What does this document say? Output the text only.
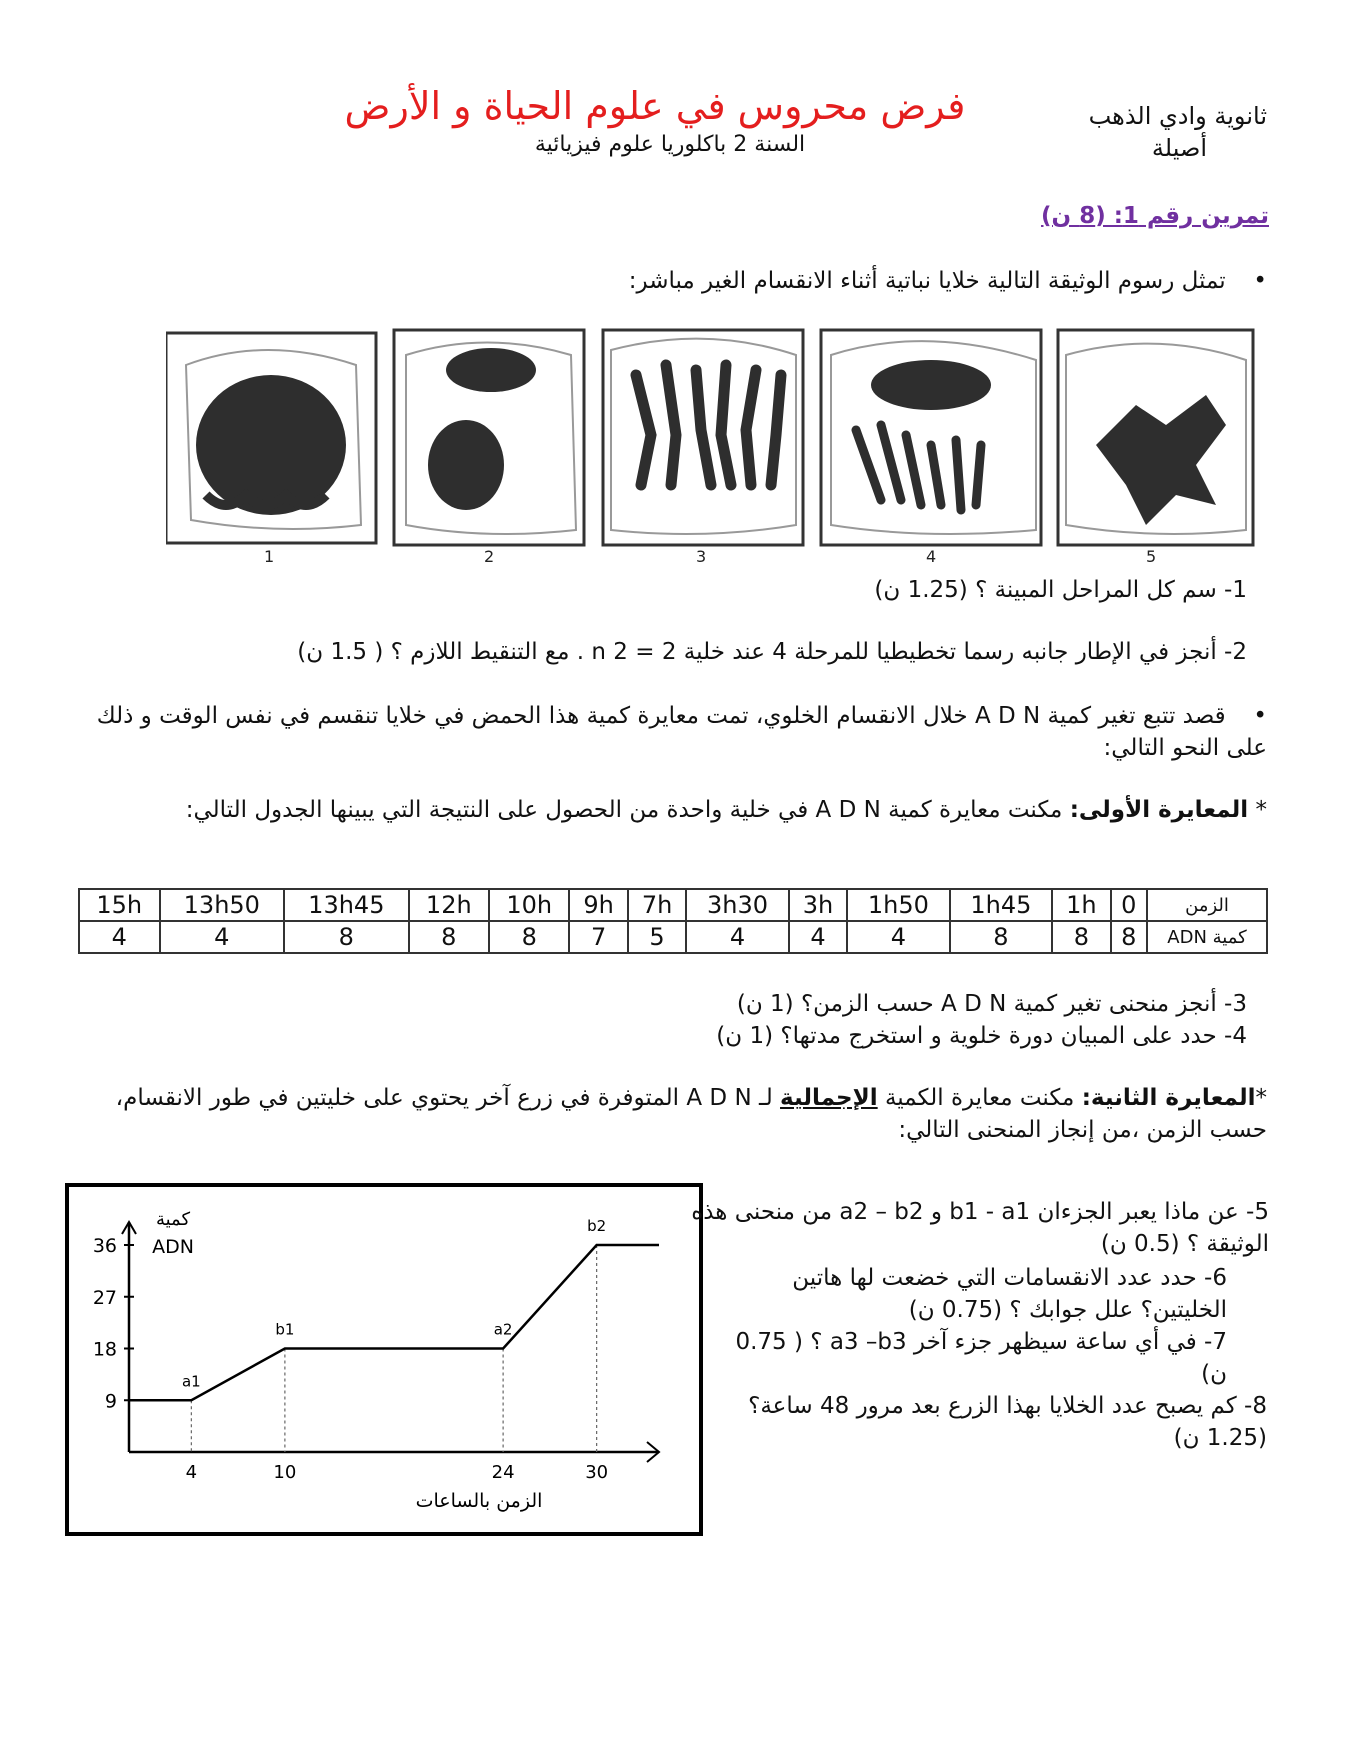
ثانوية وادي الذهب
أصيلة
فرض محروس في علوم الحياة و الأرض
السنة 2 باكلوريا علوم فيزيائية
تمرين رقم 1: (8 ن)
• تمثل رسوم الوثيقة التالية خلايا نباتية أثناء الانقسام الغير مباشر:
1	2	3	4	5
1- سم كل المراحل المبينة ؟ (1.25 ن)
2- أنجز في الإطار جانبه رسما تخطيطيا للمرحلة 4 عند خلية 2 = n 2 . مع التنقيط اللازم ؟ ( 1.5 ن)
• قصد تتبع تغير كمية A D N خلال الانقسام الخلوي، تمت معايرة كمية هذا الحمض في خلايا تنقسم في نفس الوقت و ذلك على النحو التالي:
* المعايرة الأولى: مكنت معايرة كمية A D N في خلية واحدة من الحصول على النتيجة التي يبينها الجدول التالي:
الزمن	0	1h	1h45	1h50	3h	3h30	7h	9h	10h	12h	13h45	13h50	15h
كمية ADN	8	8	8	4	4	4	5	7	8	8	8	4	4
3- أنجز منحنى تغير كمية A D N حسب الزمن؟ (1 ن)
4- حدد على المبيان دورة خلوية و استخرج مدتها؟ (1 ن)
*المعايرة الثانية: مكنت معايرة الكمية الإجمالية لـ A D N المتوفرة في زرع آخر يحتوي على خليتين في طور الانقسام، حسب الزمن ،من إنجاز المنحنى التالي:
9
18
27
36
4	10	24	30
a1
b1	a2
b2
كمية
ADN
الزمن بالساعات
5- عن ماذا يعبر الجزءان b1 - a1 و a2 – b2 من منحنى هذه الوثيقة ؟ (0.5 ن)
6- حدد عدد الانقسامات التي خضعت لها هاتين الخليتين؟ علل جوابك ؟ (0.75 ن)
7- في أي ساعة سيظهر جزء آخر a3 –b3 ؟ ( 0.75 ن)
8- كم يصبح عدد الخلايا بهذا الزرع بعد مرور 48 ساعة؟ (1.25 ن)
